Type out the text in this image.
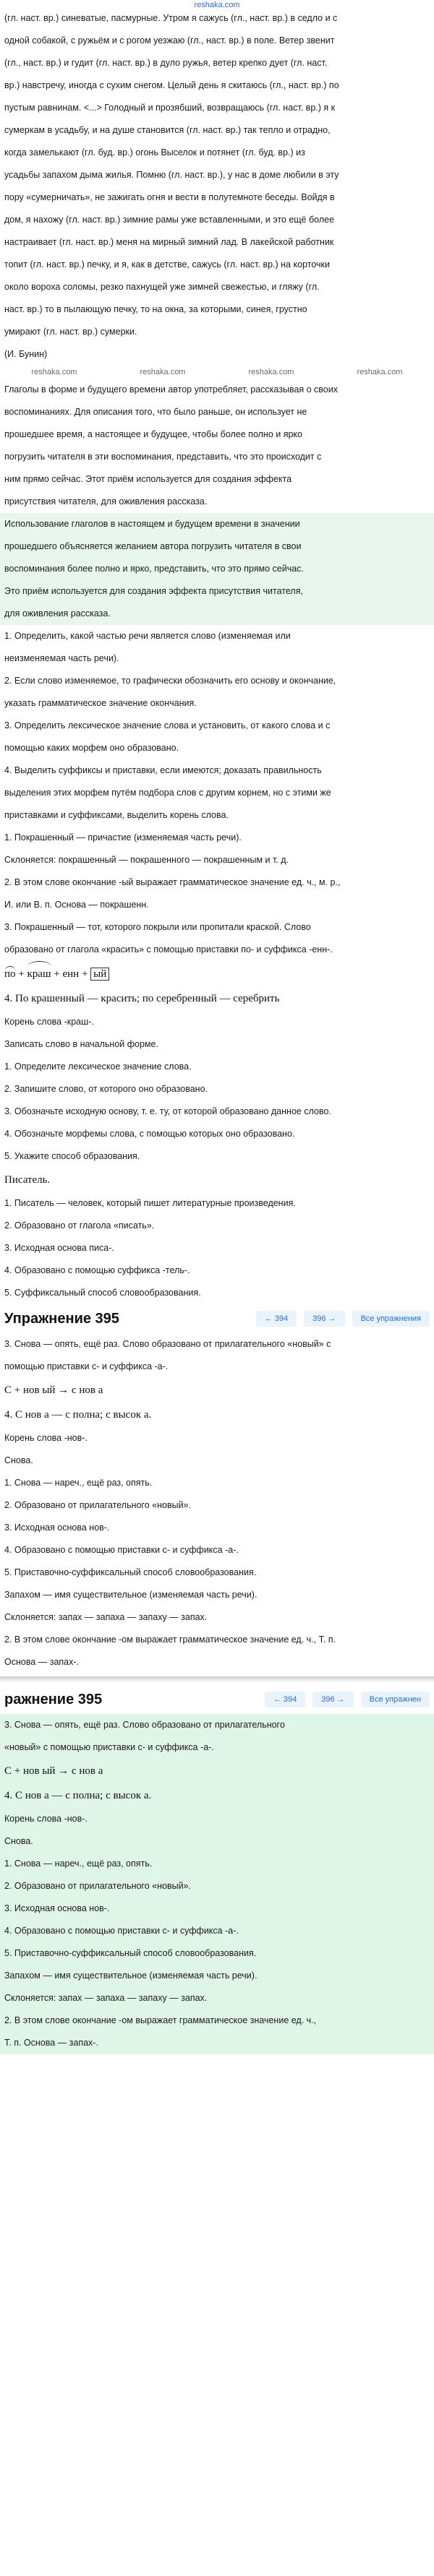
reshaka.com

(гл. наст. вр.) синеватые, пасмурные. Утром я сажусь (гл., наст. вр.) в седло и с

одной собакой, с ружьём и с рогом уезжаю (гл., наст. вр.) в поле. Ветер звенит

(гл., наст. вр.) и гудит (гл. наст. вр.) в дуло ружья, ветер крепко дует (гл. наст.

вр.) навстречу, иногда с сухим снегом. Целый день я скитаюсь (гл., наст. вр.) по

пустым равнинам. <...> Голодный и прозябший, возвращаюсь (гл. наст. вр.) я к

сумеркам в усадьбу, и на душе становится (гл. наст. вр.) так тепло и отрадно,

когда замелькают (гл. буд. вр.) огонь Выселок и потянет (гл. буд. вр.) из

усадьбы запахом дыма жилья. Помню (гл. наст. вр.), у нас в доме любили в эту

пору «сумерничать», не зажигать огня и вести в полутемноте беседы. Войдя в

дом, я нахожу (гл. наст. вр.) зимние рамы уже вставленными, и это ещё более

настраивает (гл. наст. вр.) меня на мирный зимний лад. В лакейской работник

топит (гл. наст. вр.) печку, и я, как в детстве, сажусь (гл. наст. вр.) на корточки

около вороха соломы, резко пахнущей уже зимней свежестью, и гляжу (гл.

наст. вр.) то в пылающую печку, то на окна, за которыми, синея, грустно

умирают (гл. наст. вр.) сумерки.

(И. Бунин)

reshaka.com	reshaka.com	reshaka.com	reshaka.com

Глаголы в форме и будущего времени автор употребляет, рассказывая о своих

воспоминаниях. Для описания того, что было раньше, он использует не

прошедшее время, а настоящее и будущее, чтобы более полно и ярко

погрузить читателя в эти воспоминания, представить, что это происходит с

ним прямо сейчас. Этот приём используется для создания эффекта

присутствия читателя, для оживления рассказа.

Использование глаголов в настоящем и будущем времени в значении

прошедшего объясняется желанием автора погрузить читателя в свои

воспоминания более полно и ярко, представить, что это прямо сейчас.

Это приём используется для создания эффекта присутствия читателя,

для оживления рассказа.

1. Определить, какой частью речи является слово (изменяемая или

неизменяемая часть речи).

2. Если слово изменяемое, то графически обозначить его основу и окончание,

указать грамматическое значение окончания.

3. Определить лексическое значение слова и установить, от какого слова и с

помощью каких морфем оно образовано.

4. Выделить суффиксы и приставки, если имеются; доказать правильность

выделения этих морфем путём подбора слов с другим корнем, но с этими же

приставками и суффиксами, выделить корень слова.

1. Покрашенный — причастие (изменяемая часть речи).

Склоняется: покрашенный — покрашенного — покрашенным и т. д.

2. В этом слове окончание -ый выражает грамматическое значение ед. ч., м. р.,

И. или В. п. Основа — покрашенн.

3. Покрашенный — тот, которого покрыли или пропитали краской. Слово

образовано от глагола «красить» с помощью приставки по- и суффикса -енн-.

по + краш + енн + ый
4. По крашенный — красить; по серебренный — серебрить

Корень слова -краш-.

Записать слово в начальной форме.

1. Определите лексическое значение слова.

2. Запишите слово, от которого оно образовано.

3. Обозначьте исходную основу, т. е. ту, от которой образовано данное слово.

4. Обозначьте морфемы слова, с помощью которых оно образовано.

5. Укажите способ образования.

Писатель.

1. Писатель — человек, который пишет литературные произведения.

2. Образовано от глагола «писать».

3. Исходная основа писа-.

4. Образовано с помощью суффикса -тель-.

5. Суффиксальный способ словообразования.

Упражнение 395	← 394	396 →	Все упражнения

3. Снова — опять, ещё раз. Слово образовано от прилагательного «новый» с

помощью приставки с- и суффикса -а-.

С + нов ый → с нов а
4. С нов а — с полна; с высок а.

Корень слова -нов-.

Снова.

1. Снова — нареч., ещё раз, опять.

2. Образовано от прилагательного «новый».

3. Исходная основа нов-.

4. Образовано с помощью приставки с- и суффикса -а-.

5. Приставочно-суффиксальный способ словообразования.

Запахом — имя существительное (изменяемая часть речи).

Склоняется: запах — запаха — запаху — запах.

2. В этом слове окончание -ом выражает грамматическое значение ед. ч., Т. п.

Основа — запах-.

ражнение 395	← 394	396 →	Все упражнен

3. Снова — опять, ещё раз. Слово образовано от прилагательного

«новый» с помощью приставки с- и суффикса -а-.

С + нов ый → с нов а
4. С нов а — с полна; с высок а.

Корень слова -нов-.

Снова.

1. Снова — нареч., ещё раз, опять.

2. Образовано от прилагательного «новый».

3. Исходная основа нов-.

4. Образовано с помощью приставки с- и суффикса -а-.

5. Приставочно-суффиксальный способ словообразования.

Запахом — имя существительное (изменяемая часть речи).

Склоняется: запах — запаха — запаху — запах.

2. В этом слове окончание -ом выражает грамматическое значение ед. ч.,

Т. п. Основа — запах-.
